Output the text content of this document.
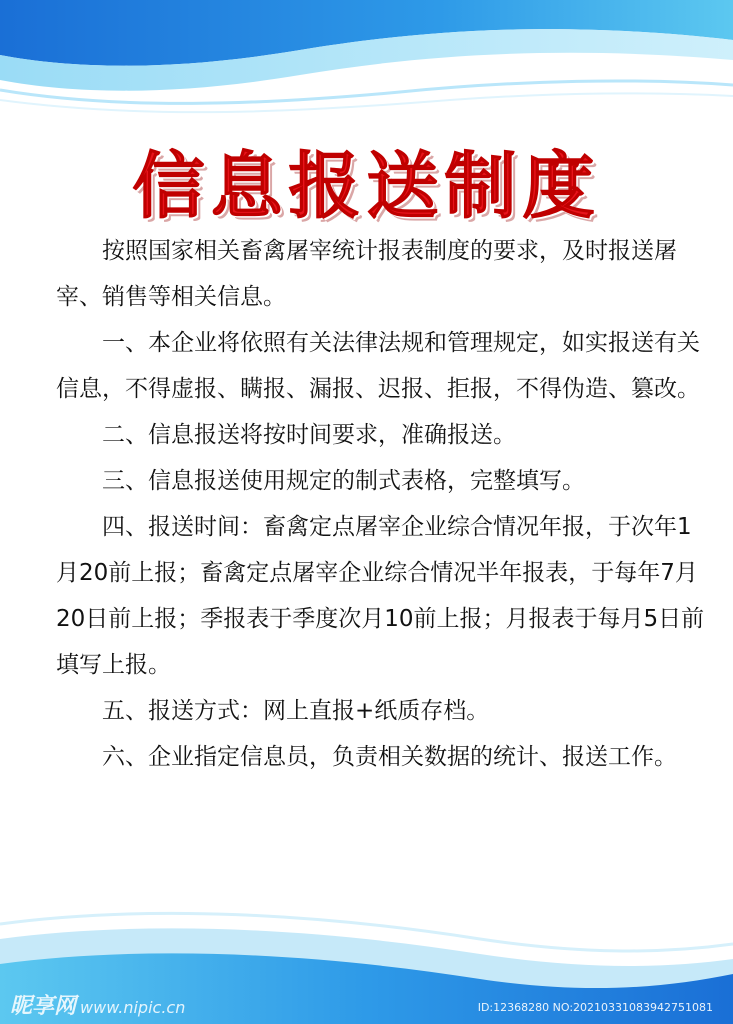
信息报送制度

按照国家相关畜禽屠宰统计报表制度的要求，及时报送屠宰、销售等相关信息。

一、本企业将依照有关法律法规和管理规定，如实报送有关信息，不得虚报、瞒报、漏报、迟报、拒报，不得伪造、篡改。

二、信息报送将按时间要求，准确报送。

三、信息报送使用规定的制式表格，完整填写。

四、报送时间：畜禽定点屠宰企业综合情况年报，于次年1月20前上报；畜禽定点屠宰企业综合情况半年报表，于每年7月20日前上报；季报表于季度次月10前上报；月报表于每月5日前填写上报。

五、报送方式：网上直报+纸质存档。

六、企业指定信息员，负责相关数据的统计、报送工作。

昵享网 www.nipic.cn	ID:12368280 NO:20210331083942751081
